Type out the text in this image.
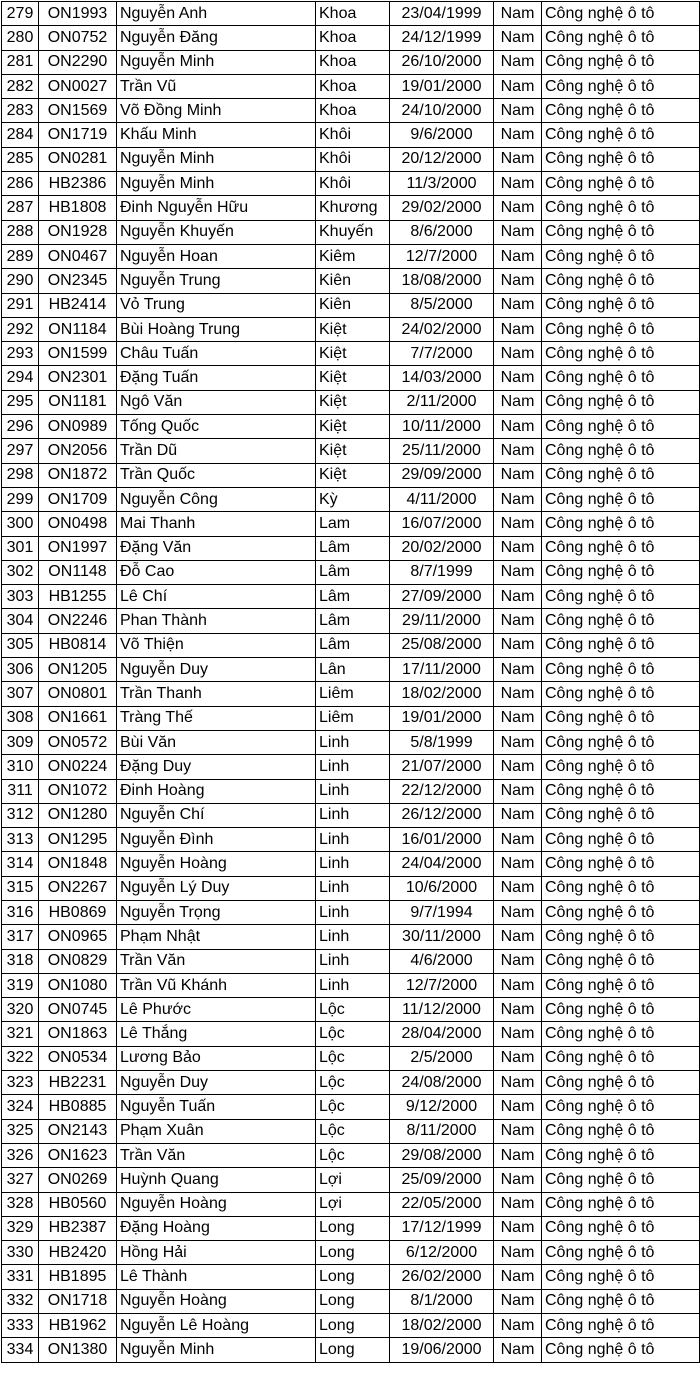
279	ON1993	Nguyễn Anh	Khoa	23/04/1999	Nam	Công nghệ ô tô
280	ON0752	Nguyễn Đăng	Khoa	24/12/1999	Nam	Công nghệ ô tô
281	ON2290	Nguyễn Minh	Khoa	26/10/2000	Nam	Công nghệ ô tô
282	ON0027	Trần Vũ	Khoa	19/01/2000	Nam	Công nghệ ô tô
283	ON1569	Võ Đồng Minh	Khoa	24/10/2000	Nam	Công nghệ ô tô
284	ON1719	Khấu Minh	Khôi	9/6/2000	Nam	Công nghệ ô tô
285	ON0281	Nguyễn Minh	Khôi	20/12/2000	Nam	Công nghệ ô tô
286	HB2386	Nguyễn Minh	Khôi	11/3/2000	Nam	Công nghệ ô tô
287	HB1808	Đinh Nguyễn Hữu	Khương	29/02/2000	Nam	Công nghệ ô tô
288	ON1928	Nguyễn Khuyến	Khuyến	8/6/2000	Nam	Công nghệ ô tô
289	ON0467	Nguyễn Hoan	Kiêm	12/7/2000	Nam	Công nghệ ô tô
290	ON2345	Nguyễn Trung	Kiên	18/08/2000	Nam	Công nghệ ô tô
291	HB2414	Vỏ Trung	Kiên	8/5/2000	Nam	Công nghệ ô tô
292	ON1184	Bùi Hoàng Trung	Kiệt	24/02/2000	Nam	Công nghệ ô tô
293	ON1599	Châu Tuấn	Kiệt	7/7/2000	Nam	Công nghệ ô tô
294	ON2301	Đặng Tuấn	Kiệt	14/03/2000	Nam	Công nghệ ô tô
295	ON1181	Ngô Văn	Kiệt	2/11/2000	Nam	Công nghệ ô tô
296	ON0989	Tống Quốc	Kiệt	10/11/2000	Nam	Công nghệ ô tô
297	ON2056	Trần Dũ	Kiệt	25/11/2000	Nam	Công nghệ ô tô
298	ON1872	Trần Quốc	Kiệt	29/09/2000	Nam	Công nghệ ô tô
299	ON1709	Nguyễn Công	Kỳ	4/11/2000	Nam	Công nghệ ô tô
300	ON0498	Mai Thanh	Lam	16/07/2000	Nam	Công nghệ ô tô
301	ON1997	Đặng Văn	Lâm	20/02/2000	Nam	Công nghệ ô tô
302	ON1148	Đỗ Cao	Lâm	8/7/1999	Nam	Công nghệ ô tô
303	HB1255	Lê Chí	Lâm	27/09/2000	Nam	Công nghệ ô tô
304	ON2246	Phan Thành	Lâm	29/11/2000	Nam	Công nghệ ô tô
305	HB0814	Võ Thiện	Lâm	25/08/2000	Nam	Công nghệ ô tô
306	ON1205	Nguyễn Duy	Lân	17/11/2000	Nam	Công nghệ ô tô
307	ON0801	Trần Thanh	Liêm	18/02/2000	Nam	Công nghệ ô tô
308	ON1661	Tràng Thế	Liêm	19/01/2000	Nam	Công nghệ ô tô
309	ON0572	Bùi Văn	Linh	5/8/1999	Nam	Công nghệ ô tô
310	ON0224	Đặng Duy	Linh	21/07/2000	Nam	Công nghệ ô tô
311	ON1072	Đinh Hoàng	Linh	22/12/2000	Nam	Công nghệ ô tô
312	ON1280	Nguyễn Chí	Linh	26/12/2000	Nam	Công nghệ ô tô
313	ON1295	Nguyễn Đình	Linh	16/01/2000	Nam	Công nghệ ô tô
314	ON1848	Nguyễn Hoàng	Linh	24/04/2000	Nam	Công nghệ ô tô
315	ON2267	Nguyễn Lý Duy	Linh	10/6/2000	Nam	Công nghệ ô tô
316	HB0869	Nguyễn Trọng	Linh	9/7/1994	Nam	Công nghệ ô tô
317	ON0965	Phạm Nhật	Linh	30/11/2000	Nam	Công nghệ ô tô
318	ON0829	Trần Văn	Linh	4/6/2000	Nam	Công nghệ ô tô
319	ON1080	Trần Vũ Khánh	Linh	12/7/2000	Nam	Công nghệ ô tô
320	ON0745	Lê Phước	Lộc	11/12/2000	Nam	Công nghệ ô tô
321	ON1863	Lê Thắng	Lộc	28/04/2000	Nam	Công nghệ ô tô
322	ON0534	Lương Bảo	Lộc	2/5/2000	Nam	Công nghệ ô tô
323	HB2231	Nguyễn Duy	Lộc	24/08/2000	Nam	Công nghệ ô tô
324	HB0885	Nguyễn Tuấn	Lộc	9/12/2000	Nam	Công nghệ ô tô
325	ON2143	Phạm Xuân	Lộc	8/11/2000	Nam	Công nghệ ô tô
326	ON1623	Trần Văn	Lộc	29/08/2000	Nam	Công nghệ ô tô
327	ON0269	Huỳnh Quang	Lợi	25/09/2000	Nam	Công nghệ ô tô
328	HB0560	Nguyễn Hoàng	Lợi	22/05/2000	Nam	Công nghệ ô tô
329	HB2387	Đặng Hoàng	Long	17/12/1999	Nam	Công nghệ ô tô
330	HB2420	Hồng Hải	Long	6/12/2000	Nam	Công nghệ ô tô
331	HB1895	Lê Thành	Long	26/02/2000	Nam	Công nghệ ô tô
332	ON1718	Nguyễn Hoàng	Long	8/1/2000	Nam	Công nghệ ô tô
333	HB1962	Nguyễn Lê Hoàng	Long	18/02/2000	Nam	Công nghệ ô tô
334	ON1380	Nguyễn Minh	Long	19/06/2000	Nam	Công nghệ ô tô
